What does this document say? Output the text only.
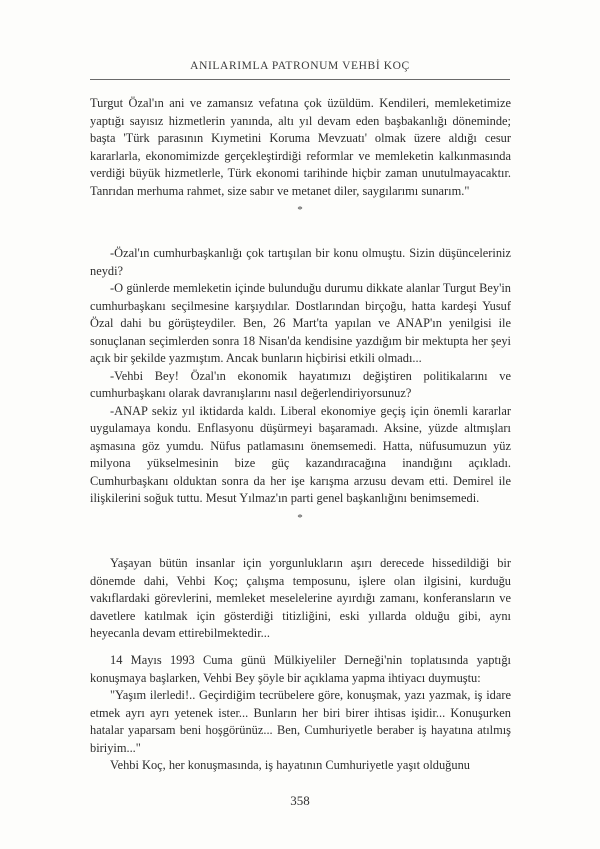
ANILARIMLA PATRONUM VEHBİ KOÇ

Turgut Özal'ın ani ve zamansız vefatına çok üzüldüm. Kendileri, memleketimize yaptığı sayısız hizmetlerin yanında, altı yıl devam eden başbakanlığı döneminde; başta 'Türk parasının Kıymetini Koruma Mevzuatı' olmak üzere aldığı cesur kararlarla, ekonomimizde gerçekleştirdiği reformlar ve memleketin kalkınmasında verdiği büyük hizmetlerle, Türk ekonomi tarihinde hiçbir zaman unutulmayacaktır. Tanrıdan merhuma rahmet, size sabır ve metanet diler, saygılarımı sunarım."

*

-Özal'ın cumhurbaşkanlığı çok tartışılan bir konu olmuştu. Sizin düşünceleriniz neydi?

-O günlerde memleketin içinde bulunduğu durumu dikkate alanlar Turgut Bey'in cumhurbaşkanı seçilmesine karşıydılar. Dostlarından birçoğu, hatta kardeşi Yusuf Özal dahi bu görüşteydiler. Ben, 26 Mart'ta yapılan ve ANAP'ın yenilgisi ile sonuçlanan seçimlerden sonra 18 Nisan'da kendisine yazdığım bir mektupta her şeyi açık bir şekilde yazmıştım. Ancak bunların hiçbirisi etkili olmadı...

-Vehbi Bey! Özal'ın ekonomik hayatımızı değiştiren politikalarını ve cumhurbaşkanı olarak davranışlarını nasıl değerlendiriyorsunuz?

-ANAP sekiz yıl iktidarda kaldı. Liberal ekonomiye geçiş için önemli kararlar uygulamaya kondu. Enflasyonu düşürmeyi başaramadı. Aksine, yüzde altmışları aşmasına göz yumdu. Nüfus patlamasını önemsemedi. Hatta, nüfusumuzun yüz milyona yükselmesinin bize güç kazandıracağına inandığını açıkladı. Cumhurbaşkanı olduktan sonra da her işe karışma arzusu devam etti. Demirel ile ilişkilerini soğuk tuttu. Mesut Yılmaz'ın parti genel başkanlığını benimsemedi.

*

Yaşayan bütün insanlar için yorgunlukların aşırı derecede hissedildiği bir dönemde dahi, Vehbi Koç; çalışma temposunu, işlere olan ilgisini, kurduğu vakıflardaki görevlerini, memleket meselelerine ayırdığı zamanı, konferansların ve davetlere katılmak için gösterdiği titizliğini, eski yıllarda olduğu gibi, aynı heyecanla devam ettirebilmektedir...

14 Mayıs 1993 Cuma günü Mülkiyeliler Derneği'nin toplatısında yaptığı konuşmaya başlarken, Vehbi Bey şöyle bir açıklama yapma ihtiyacı duymuştu:

"Yaşım ilerledi!.. Geçirdiğim tecrübelere göre, konuşmak, yazı yazmak, iş idare etmek ayrı ayrı yetenek ister... Bunların her biri birer ihtisas işidir... Konuşurken hatalar yaparsam beni hoşgörünüz... Ben, Cumhuriyetle beraber iş hayatına atılmış biriyim..."

Vehbi Koç, her konuşmasında, iş hayatının Cumhuriyetle yaşıt olduğunu

358
